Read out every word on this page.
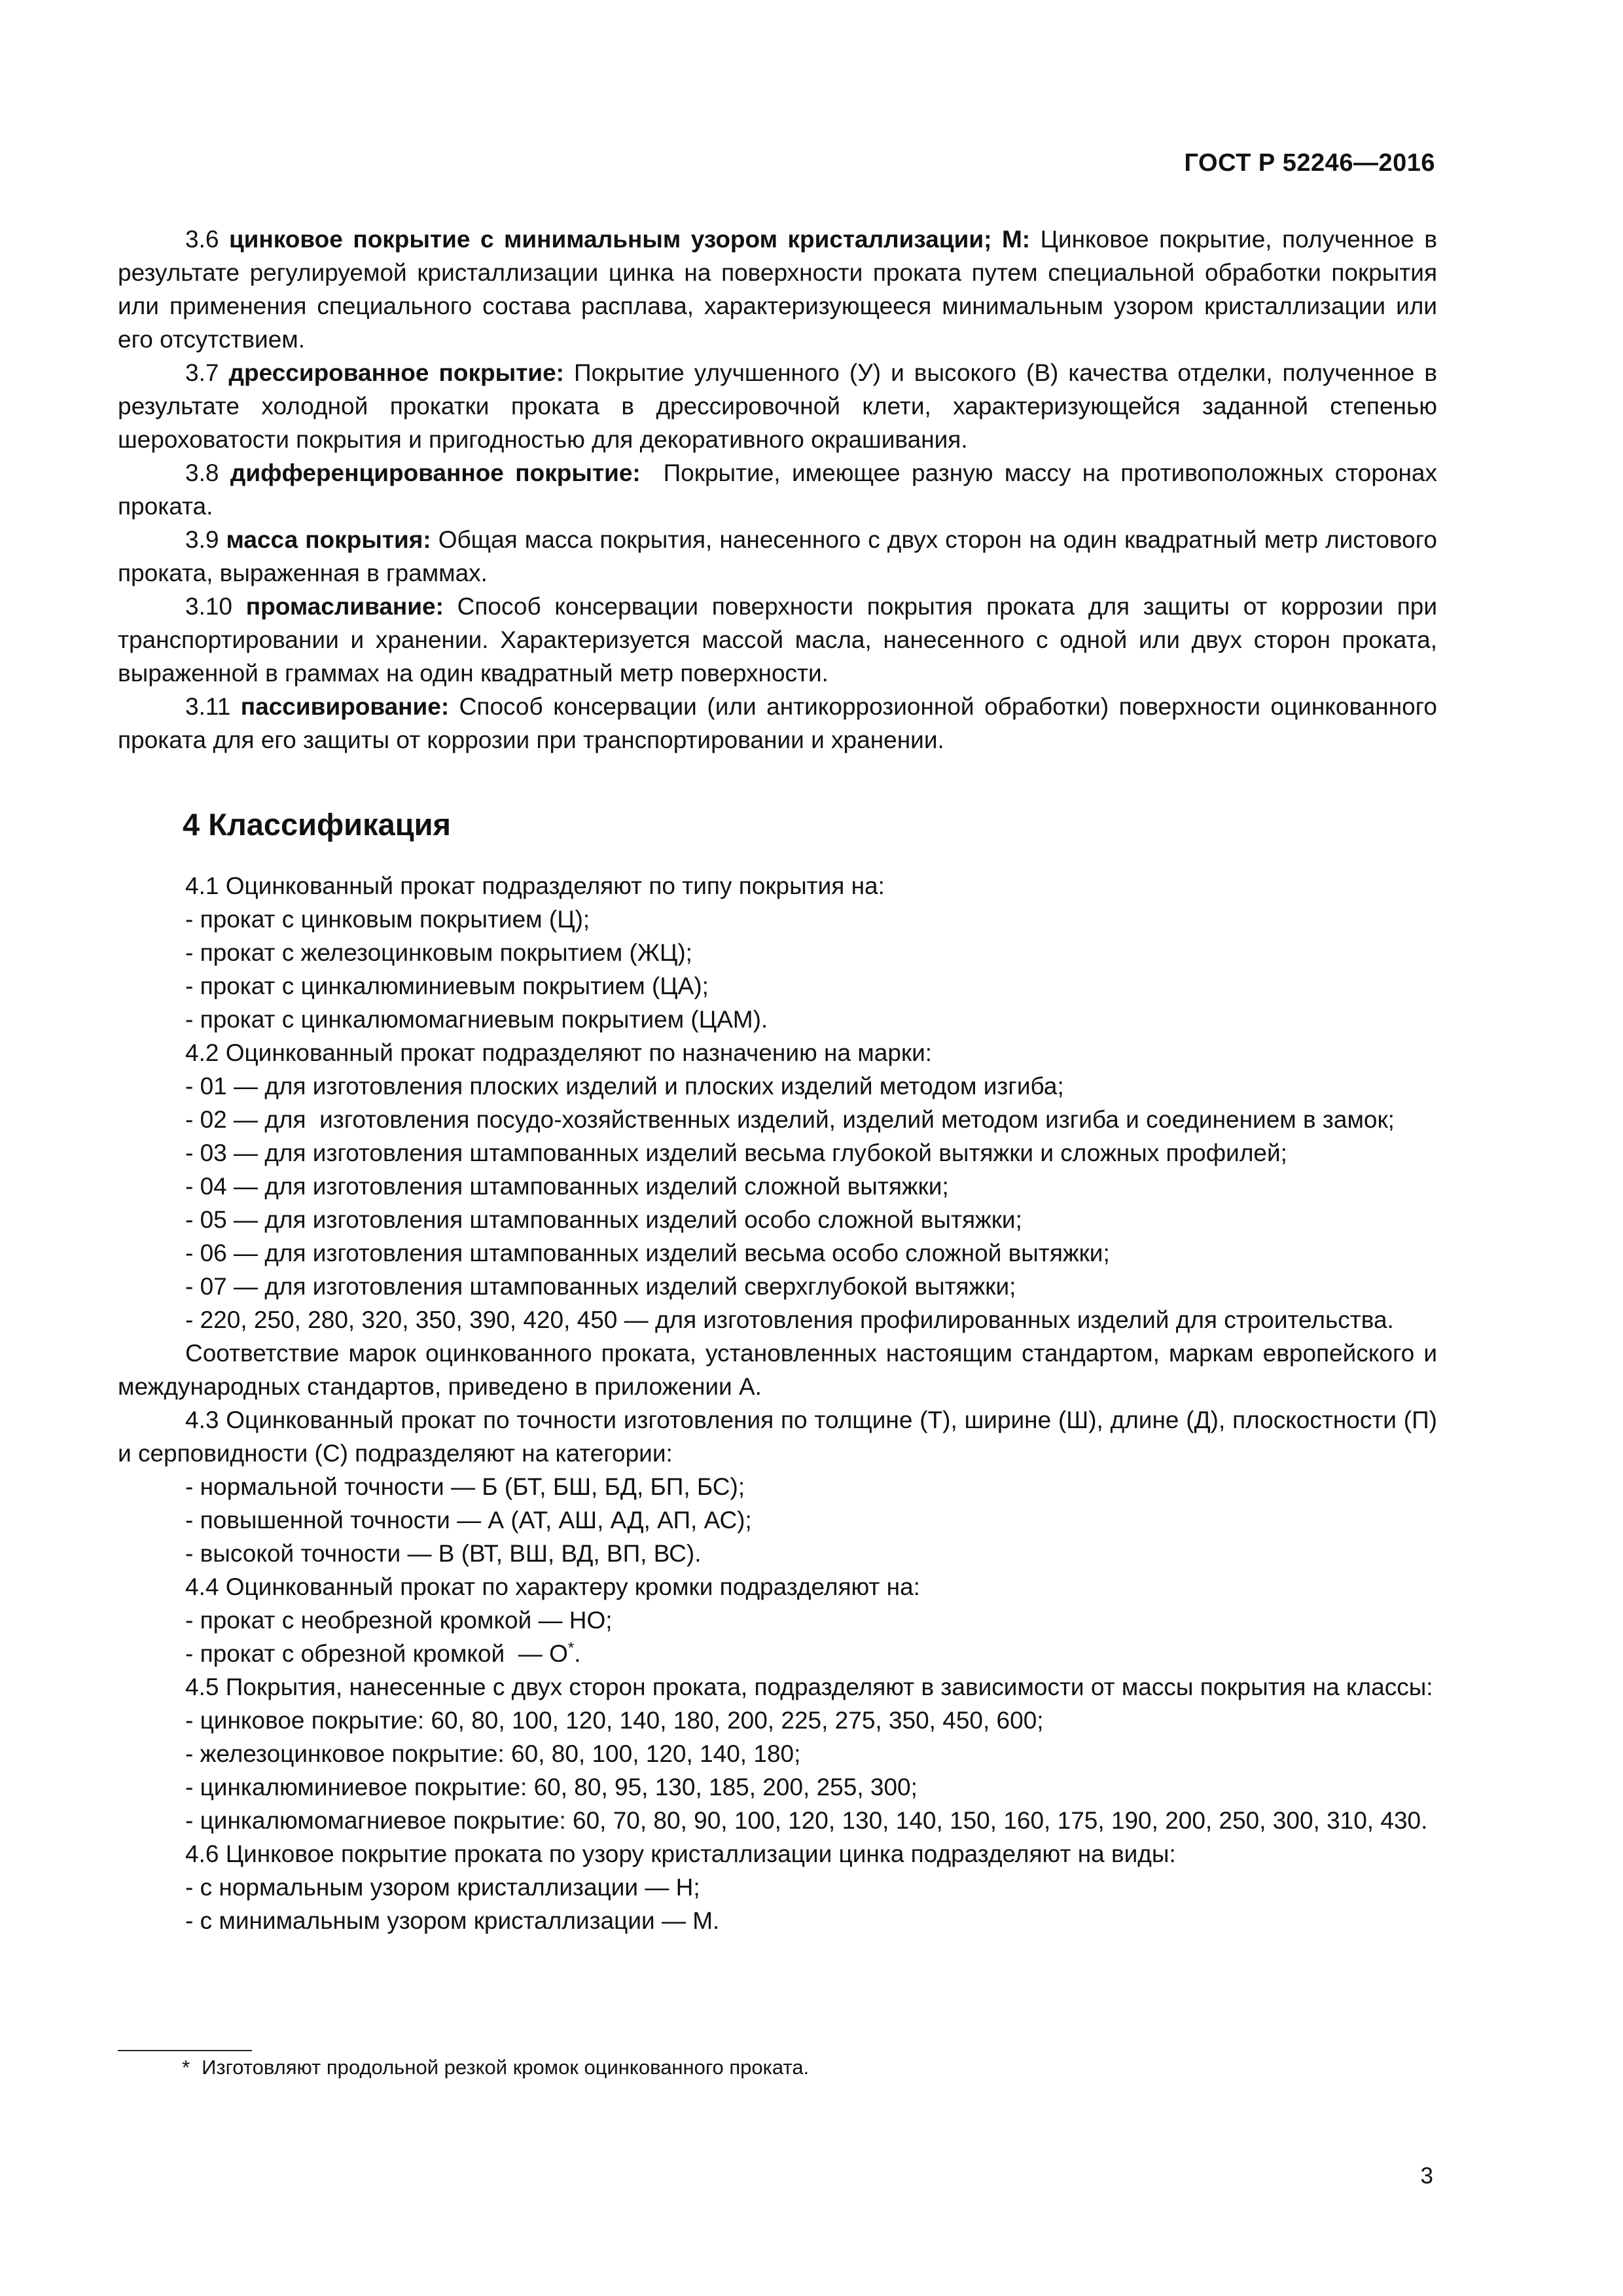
ГОСТ Р 52246—2016

3.6 цинковое покрытие с минимальным узором кристаллизации; М: Цинковое покрытие, полученное в результате регулируемой кристаллизации цинка на поверхности проката путем специальной обработки покрытия или применения специального состава расплава, характеризующееся минимальным узором кристаллизации или его отсутствием.

3.7 дрессированное покрытие: Покрытие улучшенного (У) и высокого (В) качества отделки, полученное в результате холодной прокатки проката в дрессировочной клети, характеризующейся заданной степенью шероховатости покрытия и пригодностью для декоративного окрашивания.

3.8 дифференцированное покрытие:  Покрытие, имеющее разную массу на противоположных сторонах проката.

3.9 масса покрытия: Общая масса покрытия, нанесенного с двух сторон на один квадратный метр листового проката, выраженная в граммах.

3.10 промасливание: Способ консервации поверхности покрытия проката для защиты от коррозии при транспортировании и хранении. Характеризуется массой масла, нанесенного с одной или двух сторон проката, выраженной в граммах на один квадратный метр поверхности.

3.11 пассивирование: Способ консервации (или антикоррозионной обработки) поверхности оцинкованного проката для его защиты от коррозии при транспортировании и хранении.

4 Классификация

4.1 Оцинкованный прокат подразделяют по типу покрытия на:

- прокат с цинковым покрытием (Ц);

- прокат с железоцинковым покрытием (ЖЦ);

- прокат с цинкалюминиевым покрытием (ЦА);

- прокат с цинкалюмомагниевым покрытием (ЦАМ).

4.2 Оцинкованный прокат подразделяют по назначению на марки:

- 01 — для изготовления плоских изделий и плоских изделий методом изгиба;

- 02 — для  изготовления посудо-хозяйственных изделий, изделий методом изгиба и соединением в замок;

- 03 — для изготовления штампованных изделий весьма глубокой вытяжки и сложных профилей;

- 04 — для изготовления штампованных изделий сложной вытяжки;

- 05 — для изготовления штампованных изделий особо сложной вытяжки;

- 06 — для изготовления штампованных изделий весьма особо сложной вытяжки;

- 07 — для изготовления штампованных изделий сверхглубокой вытяжки;

- 220, 250, 280, 320, 350, 390, 420, 450 — для изготовления профилированных изделий для строительства.

Соответствие марок оцинкованного проката, установленных настоящим стандартом, маркам европейского и международных стандартов, приведено в приложении А.

4.3 Оцинкованный прокат по точности изготовления по толщине (Т), ширине (Ш), длине (Д), плоскостности (П) и серповидности (С) подразделяют на категории:

- нормальной точности — Б (БТ, БШ, БД, БП, БС);

- повышенной точности — А (АТ, АШ, АД, АП, АС);

- высокой точности — В (ВТ, ВШ, ВД, ВП, ВС).

4.4 Оцинкованный прокат по характеру кромки подразделяют на:

- прокат с необрезной кромкой — НО;

- прокат с обрезной кромкой  — О*.

4.5 Покрытия, нанесенные с двух сторон проката, подразделяют в зависимости от массы покрытия на классы:

- цинковое покрытие: 60, 80, 100, 120, 140, 180, 200, 225, 275, 350, 450, 600;

- железоцинковое покрытие: 60, 80, 100, 120, 140, 180;

- цинкалюминиевое покрытие: 60, 80, 95, 130, 185, 200, 255, 300;

- цинкалюмомагниевое покрытие: 60, 70, 80, 90, 100, 120, 130, 140, 150, 160, 175, 190, 200, 250, 300, 310, 430.

4.6 Цинковое покрытие проката по узору кристаллизации цинка подразделяют на виды:

- с нормальным узором кристаллизации — Н;

- с минимальным узором кристаллизации — М.

* Изготовляют продольной резкой кромок оцинкованного проката.
3
